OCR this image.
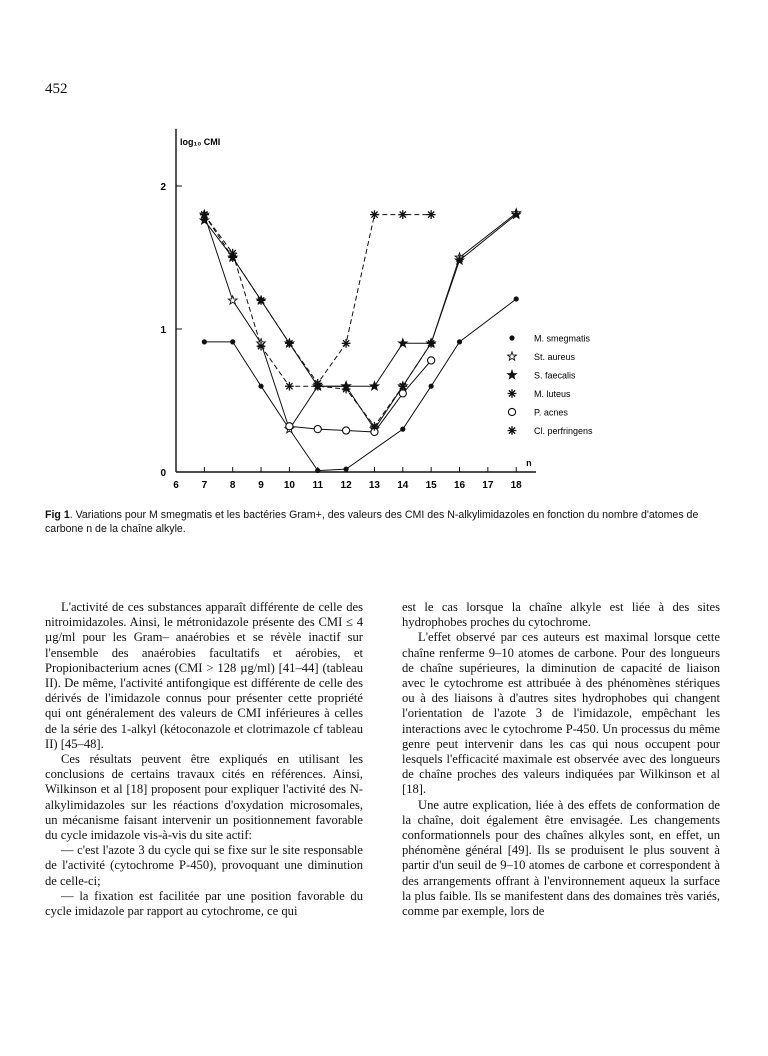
452
6 7 8 9 10 11 12 13 14 15 16 17 18
0
1
2
n
log₁₀ CMI
M. smegmatis
St. aureus
S. faecalis
M. luteus
P. acnes
Cl. perfringens
Fig 1. Variations pour M smegmatis et les bactéries Gram+, des valeurs des CMI des N-alkylimidazoles en fonction du nombre d'atomes de carbone n de la chaîne alkyle.

L'activité de ces substances apparaît différente de celle des nitroimidazoles. Ainsi, le métronidazole présente des CMI ≤ 4 µg/ml pour les Gram– anaérobies et se révèle inactif sur l'ensemble des anaérobies facultatifs et aérobies, et Propionibacterium acnes (CMI > 128 µg/ml) [41–44] (tableau II). De même, l'activité antifongique est différente de celle des dérivés de l'imidazole connus pour présenter cette propriété qui ont généralement des valeurs de CMI inférieures à celles de la série des 1-alkyl (kétoconazole et clotrimazole cf tableau II) [45–48].

Ces résultats peuvent être expliqués en utilisant les conclusions de certains travaux cités en références. Ainsi, Wilkinson et al [18] proposent pour expliquer l'activité des N-alkylimidazoles sur les réactions d'oxydation microsomales, un mécanisme faisant intervenir un positionnement favorable du cycle imidazole vis-à-vis du site actif:

— c'est l'azote 3 du cycle qui se fixe sur le site responsable de l'activité (cytochrome P-450), provoquant une diminution de celle-ci;

— la fixation est facilitée par une position favorable du cycle imidazole par rapport au cytochrome, ce qui

est le cas lorsque la chaîne alkyle est liée à des sites hydrophobes proches du cytochrome.

L'effet observé par ces auteurs est maximal lorsque cette chaîne renferme 9–10 atomes de carbone. Pour des longueurs de chaîne supérieures, la diminution de capacité de liaison avec le cytochrome est attribuée à des phénomènes stériques ou à des liaisons à d'autres sites hydrophobes qui changent l'orientation de l'azote 3 de l'imidazole, empêchant les interactions avec le cytochrome P-450. Un processus du même genre peut intervenir dans les cas qui nous occupent pour lesquels l'efficacité maximale est observée avec des longueurs de chaîne proches des valeurs indiquées par Wilkinson et al [18].

Une autre explication, liée à des effets de conformation de la chaîne, doit également être envisagée. Les changements conformationnels pour des chaînes alkyles sont, en effet, un phénomène général [49]. Ils se produisent le plus souvent à partir d'un seuil de 9–10 atomes de carbone et correspondent à des arrangements offrant à l'environnement aqueux la surface la plus faible. Ils se manifestent dans des domaines très variés, comme par exemple, lors de
